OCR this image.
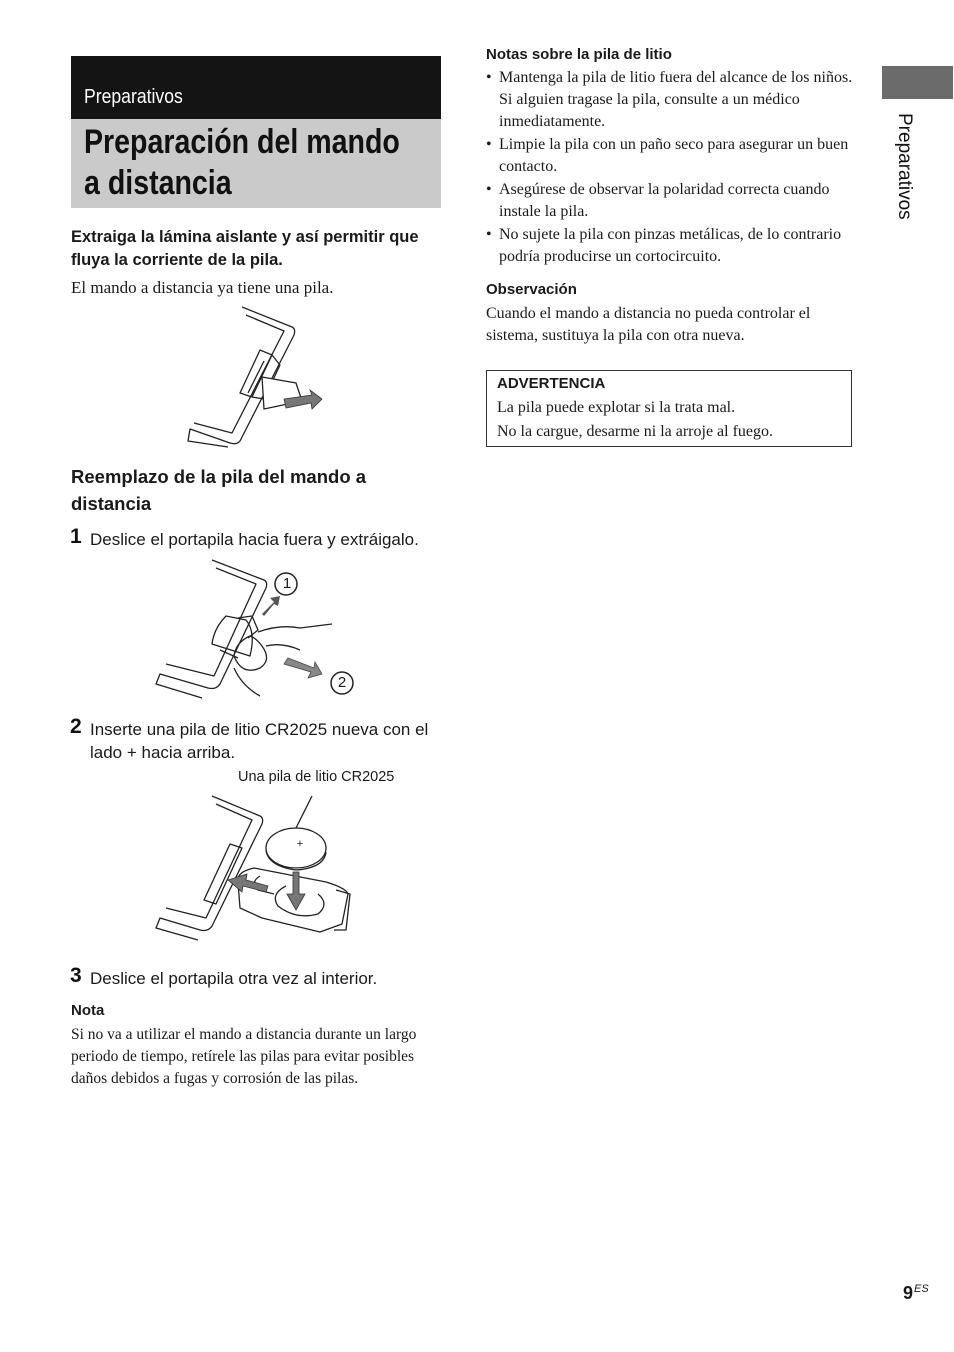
Preparativos
Preparación del mando a distancia
Extraiga la lámina aislante y así permitir que fluya la corriente de la pila.
El mando a distancia ya tiene una pila.
Reemplazo de la pila del mando a distancia
1 Deslice el portapila hacia fuera y extráigalo.
1
2
2 Inserte una pila de litio CR2025 nueva con el lado + hacia arriba.
Una pila de litio CR2025
+
3 Deslice el portapila otra vez al interior.
Nota
Si no va a utilizar el mando a distancia durante un largo periodo de tiempo, retírele las pilas para evitar posibles daños debidos a fugas y corrosión de las pilas.
Notas sobre la pila de litio
• Mantenga la pila de litio fuera del alcance de los niños. Si alguien tragase la pila, consulte a un médico inmediatamente.
• Limpie la pila con un paño seco para asegurar un buen contacto.
• Asegúrese de observar la polaridad correcta cuando instale la pila.
• No sujete la pila con pinzas metálicas, de lo contrario podría producirse un cortocircuito.
Observación
Cuando el mando a distancia no pueda controlar el sistema, sustituya la pila con otra nueva.
ADVERTENCIA
La pila puede explotar si la trata mal.
No la cargue, desarme ni la arroje al fuego.
Preparativos
$9^{ES}$
